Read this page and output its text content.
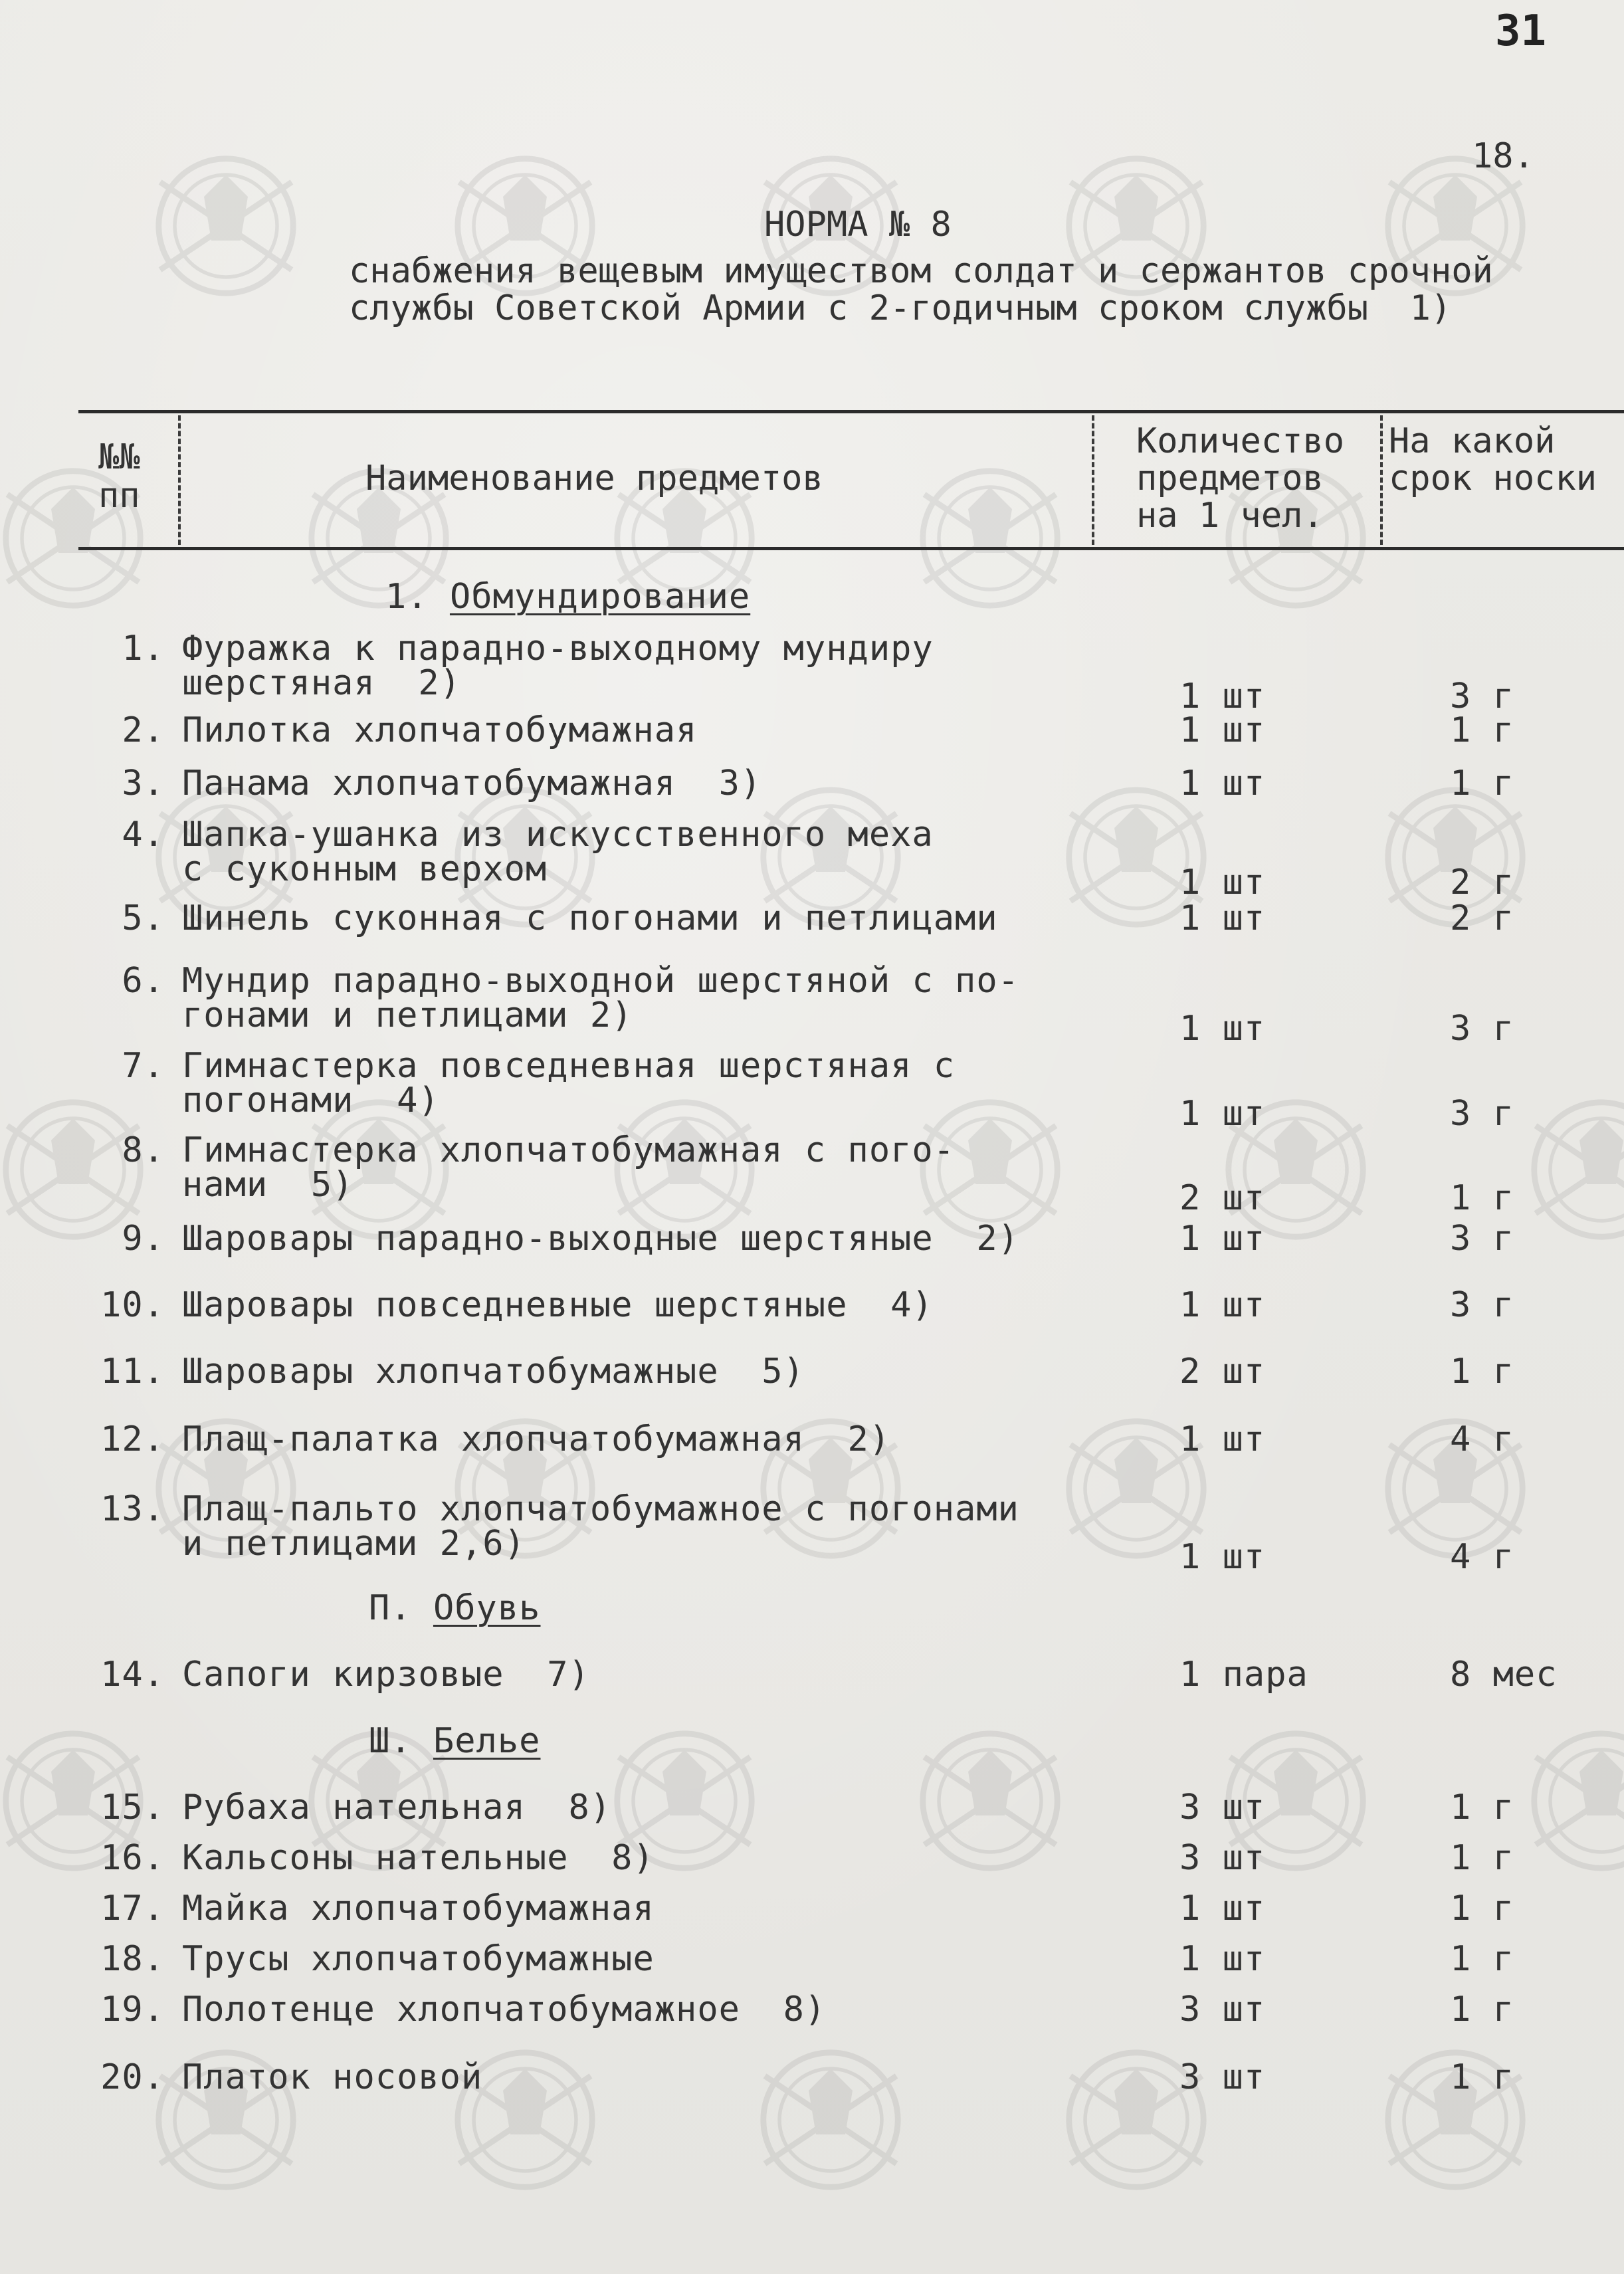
31
18.
НОРМА № 8
снабжения вещевым имуществом солдат и сержантов срочной
службы Советской Армии с 2-годичным сроком службы  1)
№№
пп	Наименование предметов
Количество
предметов
на 1 чел.
На какой
срок носки
1. Обмундирование
П. Обувь
Ш. Белье
1. Фуражка к парадно-выходному мундиру
шерстяная  2)	1 шт	3 г
2. Пилотка хлопчатобумажная	1 шт	1 г
3. Панама хлопчатобумажная  3)	1 шт	1 г
4. Шапка-ушанка из искусственного меха
с суконным верхом	1 шт	2 г
5. Шинель суконная с погонами и петлицами	1 шт	2 г
6. Мундир парадно-выходной шерстяной с по-
гонами и петлицами 2)	1 шт	3 г
7. Гимнастерка повседневная шерстяная с
погонами  4)	1 шт	3 г
8. Гимнастерка хлопчатобумажная с пого-
нами  5)	2 шт	1 г
9. Шаровары парадно-выходные шерстяные  2)	1 шт	3 г
10. Шаровары повседневные шерстяные  4)	1 шт	3 г
11. Шаровары хлопчатобумажные  5)	2 шт	1 г
12. Плащ-палатка хлопчатобумажная  2)	1 шт	4 г
13. Плащ-пальто хлопчатобумажное с погонами
и петлицами 2,6)	1 шт	4 г
14. Сапоги кирзовые  7)	1 пара	8 мес
15. Рубаха нательная  8)	3 шт	1 г
16. Кальсоны нательные  8)	3 шт	1 г
17. Майка хлопчатобумажная	1 шт	1 г
18. Трусы хлопчатобумажные	1 шт	1 г
19. Полотенце хлопчатобумажное  8)	3 шт	1 г
20. Платок носовой	3 шт	1 г
